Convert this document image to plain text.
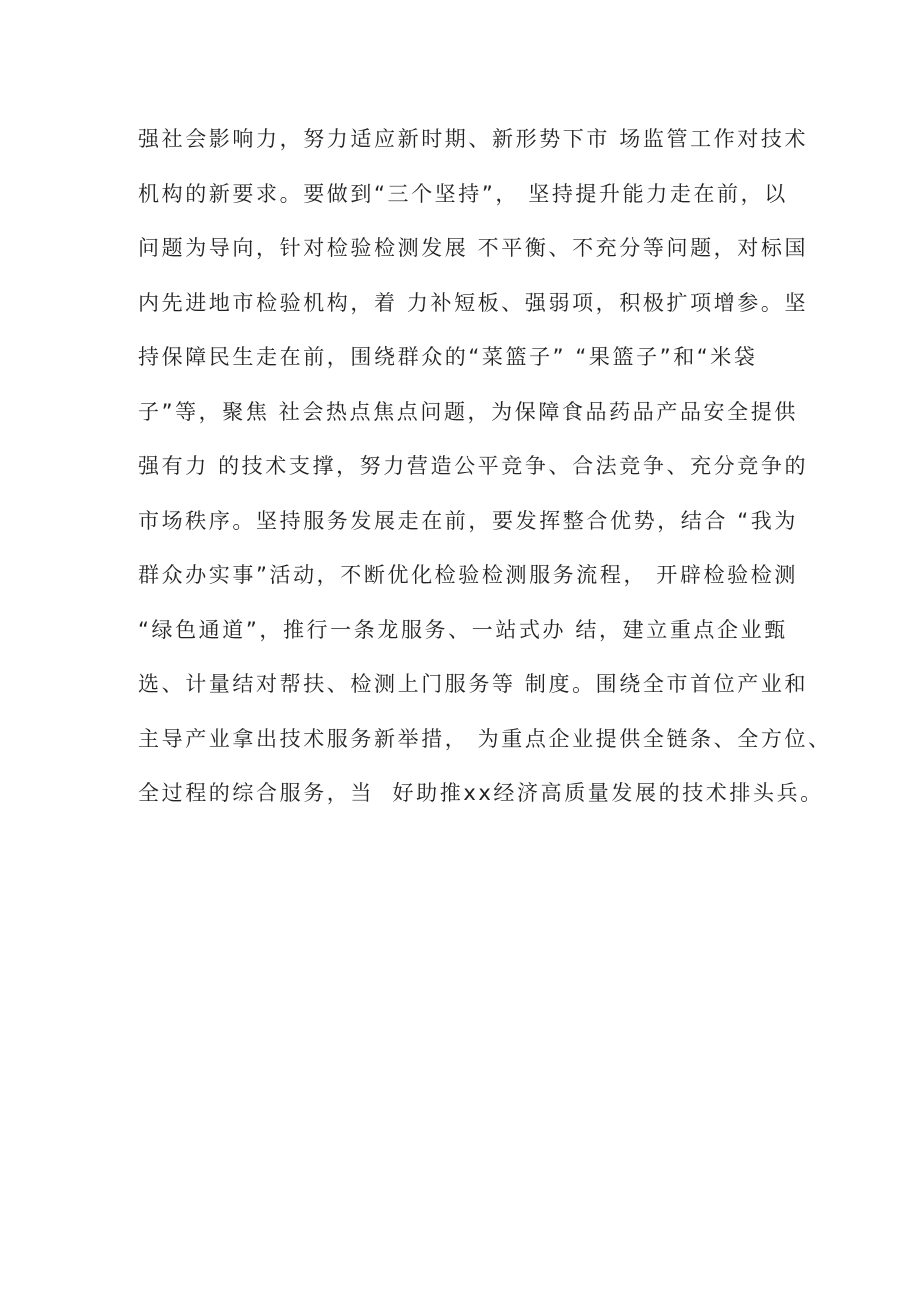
强社会影响力，努力适应新时期、新形势下市 场监管工作对技术
机构的新要求。要做到“三个坚持”， 坚持提升能力走在前，以
问题为导向，针对检验检测发展 不平衡、不充分等问题，对标国
内先进地市检验机构，着 力补短板、强弱项，积极扩项增参。坚
持保障民生走在前，围绕群众的“菜篮子” “果篮子”和“米袋
子”等，聚焦 社会热点焦点问题，为保障食品药品产品安全提供
强有力 的技术支撑，努力营造公平竞争、合法竞争、充分竞争的
市场秩序。坚持服务发展走在前，要发挥整合优势，结合 “我为
群众办实事”活动，不断优化检验检测服务流程， 开辟检验检测
“绿色通道”，推行一条龙服务、一站式办 结，建立重点企业甄
选、计量结对帮扶、检测上门服务等 制度。围绕全市首位产业和
主导产业拿出技术服务新举措， 为重点企业提供全链条、全方位、
全过程的综合服务，当  好助推xx经济高质量发展的技术排头兵。
